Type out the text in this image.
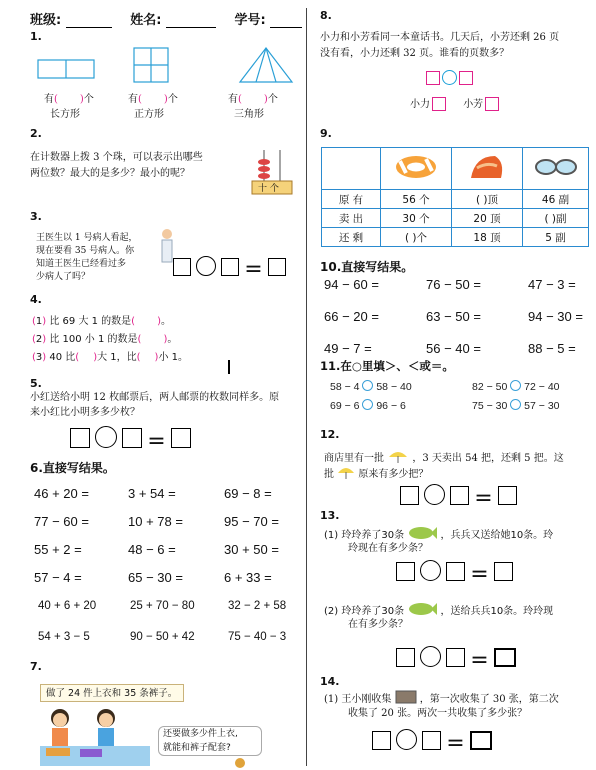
班级:	姓名:	学号:
1.
有( )个
长方形
有( )个
正方形
有( )个
三角形
2.
在计数器上拨 3 个珠，可以表示出哪些
两位数？最大的是多少？最小的呢？
十 个
3.
王医生以 1 号病人看起，
现在要看 35 号病人。你
知道王医生已经看过多
少病人了吗？	=
4.
(1) 比 69 大 1 的数是( )。
(2) 比 100 小 1 的数是( )。
(3) 40 比( )大 1，比( )小 1。
5.
小红送给小明 12 枚邮票后，两人邮票的枚数同样多。原
来小红比小明多多少枚？
=
6.直接写结果。
46 + 20 =	3 + 54 =	69 − 8 =
77 − 60 =	10 + 78 =	95 − 70 =
55 + 2 =	48 − 6 =	30 + 50 =
57 − 4 =	65 − 30 =	6 + 33 =
40 + 6 + 20	25 + 70 − 80	32 − 2 + 58
54 + 3 − 5	90 − 50 + 42	75 − 40 − 3
7.
做了 24 件上衣和 35 条裤子。
还要做多少件上衣,
就能和裤子配套?
8.
小力和小芳看同一本童话书。几天后，小芳还剩 26 页
没有看，小力还剩 32 页。谁看的页数多？
小力	小芳
9.

原 有	56 个	( )顶	46 副
卖 出	30 个	20 顶	( )副
还 剩	( )个	18 顶	5 副
10.直接写结果。
94 − 60 =	76 − 50 =	47 − 3 =
66 − 20 =	63 − 50 =	94 − 30 =
49 − 7 =	56 − 40 =	88 − 5 =
11.在○里填＞、＜或＝。
58 − 4 58 − 40	82 − 50 72 − 40
69 − 6 96 − 6	75 − 30 57 − 30
12.
商店里有一批	，3 天卖出 54 把，还剩 5 把。这
批 原来有多少把？
=
13.
(1) 玲玲养了30条	，兵兵又送给她10条。玲
玲现在有多少条？
=
(2) 玲玲养了30条	，送给兵兵10条。玲玲现
在有多少条？
=
14.
(1) 王小刚收集	，第一次收集了 30 张，第二次
收集了 20 张。两次一共收集了多少张？
=
